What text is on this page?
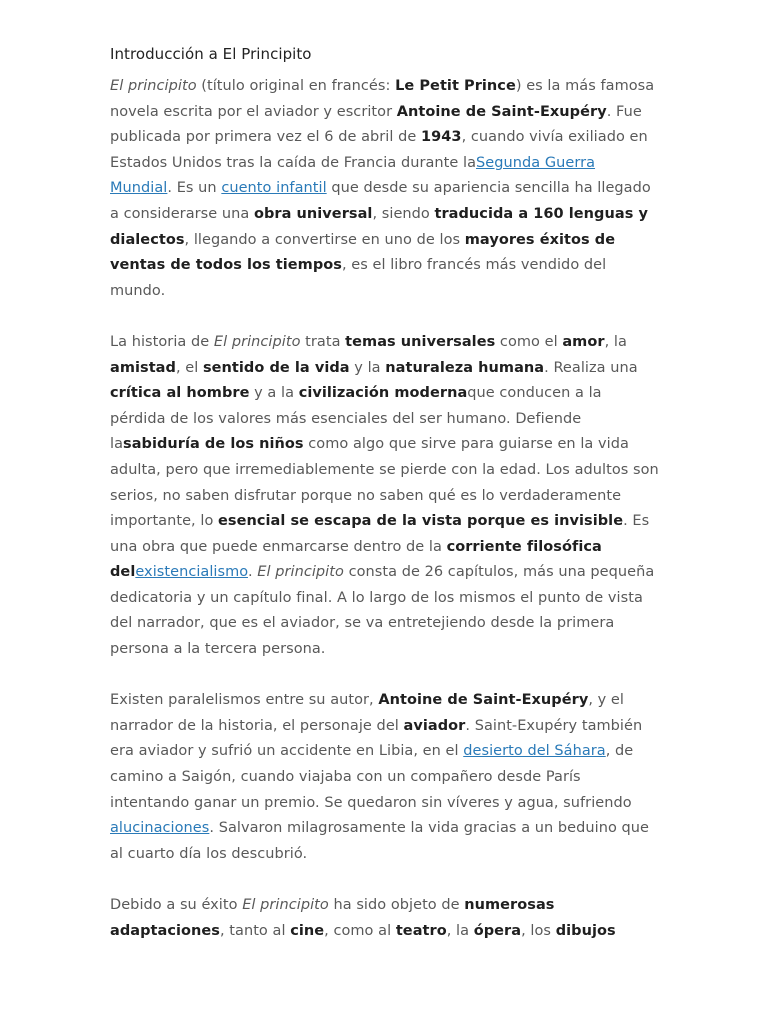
Introducción a El Principito

El principito (título original en francés: Le Petit Prince) es la más famosa novela escrita por el aviador y escritor Antoine de Saint-Exupéry. Fue publicada por primera vez el 6 de abril de 1943, cuando vivía exiliado en Estados Unidos tras la caída de Francia durante laSegunda Guerra Mundial. Es un cuento infantil que desde su apariencia sencilla ha llegado a considerarse una obra universal, siendo traducida a 160 lenguas y dialectos, llegando a convertirse en uno de los mayores éxitos de ventas de todos los tiempos, es el libro francés más vendido del mundo.

La historia de El principito trata temas universales como el amor, la amistad, el sentido de la vida y la naturaleza humana. Realiza una crítica al hombre y a la civilización modernaque conducen a la pérdida de los valores más esenciales del ser humano. Defiende lasabiduría de los niños como algo que sirve para guiarse en la vida adulta, pero que irremediablemente se pierde con la edad. Los adultos son serios, no saben disfrutar porque no saben qué es lo verdaderamente importante, lo esencial se escapa de la vista porque es invisible. Es una obra que puede enmarcarse dentro de la corriente filosófica delexistencialismo. El principito consta de 26 capítulos, más una pequeña dedicatoria y un capítulo final. A lo largo de los mismos el punto de vista del narrador, que es el aviador, se va entretejiendo desde la primera persona a la tercera persona.

Existen paralelismos entre su autor, Antoine de Saint-Exupéry, y el narrador de la historia, el personaje del aviador. Saint-Exupéry también era aviador y sufrió un accidente en Libia, en el desierto del Sáhara, de camino a Saigón, cuando viajaba con un compañero desde París intentando ganar un premio. Se quedaron sin víveres y agua, sufriendo alucinaciones. Salvaron milagrosamente la vida gracias a un beduino que al cuarto día los descubrió.

Debido a su éxito El principito ha sido objeto de numerosas adaptaciones, tanto al cine, como al teatro, la ópera, los dibujos
